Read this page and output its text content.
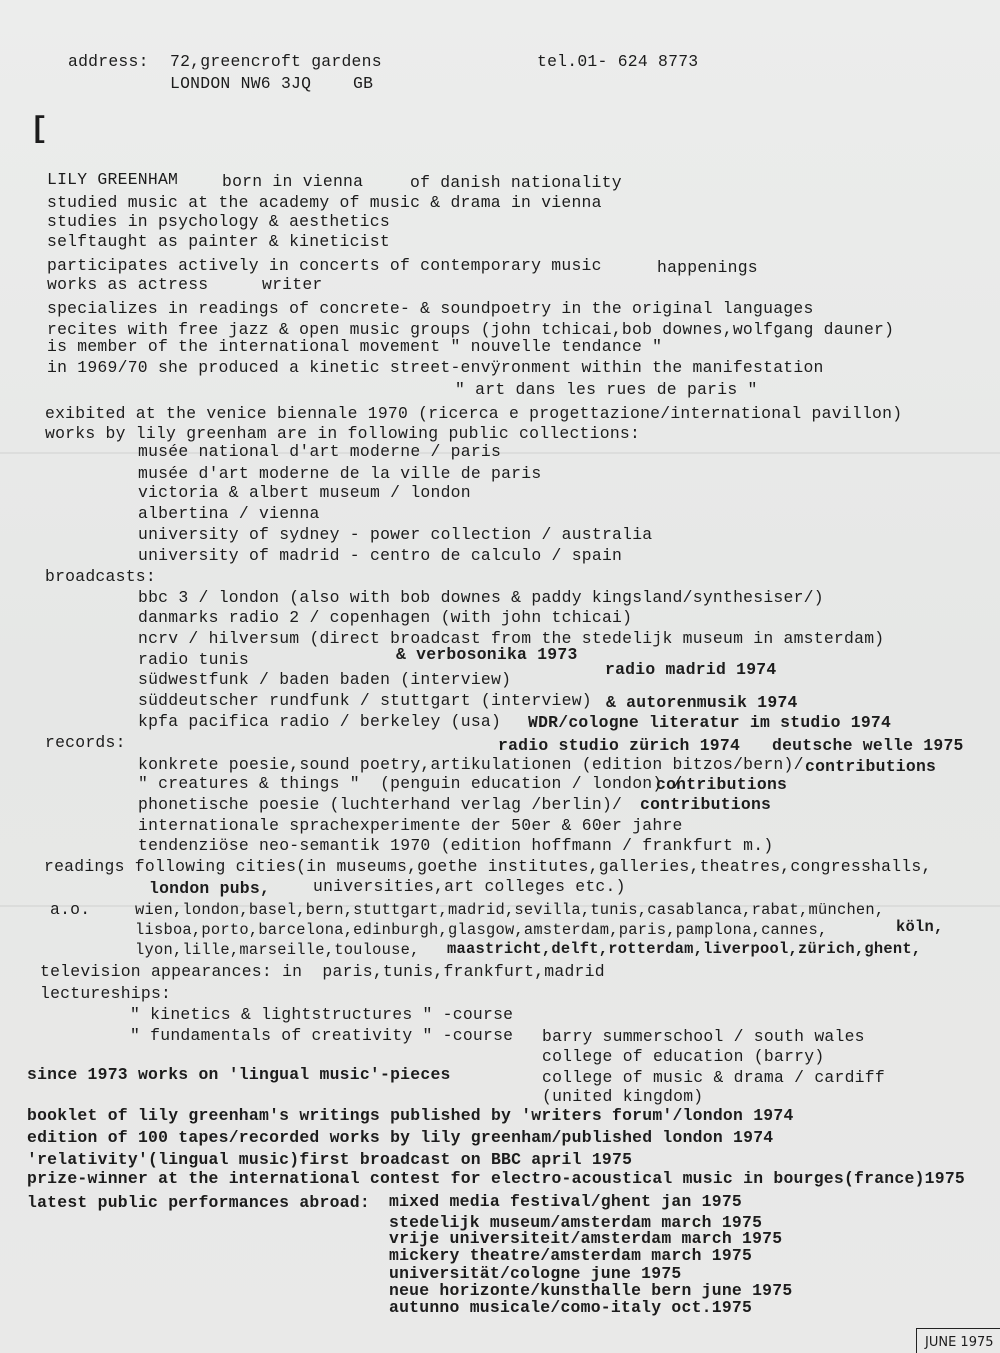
address: 72,greencroft gardens	tel.01- 624 8773
LONDON NW6 3JQ	GB
[
LILY GREENHAM	born in vienna	of danish nationality
studied music at the academy of music & drama in vienna
studies in psychology & aesthetics
selftaught as painter & kineticist
participates actively in concerts of contemporary music	happenings
works as actress	writer
specializes in readings of concrete- & soundpoetry in the original languages
recites with free jazz & open music groups (john tchicai,bob downes,wolfgang dauner)
is member of the international movement " nouvelle tendance "
in 1969/70 she produced a kinetic street-envÿronment within the manifestation
" art dans les rues de paris "
exibited at the venice biennale 1970 (ricerca e progettazione/international pavillon)
works by lily greenham are in following public collections:
musée national d'art moderne / paris
musée d'art moderne de la ville de paris
victoria & albert museum / london
albertina / vienna
university of sydney - power collection / australia
university of madrid - centro de calculo / spain
broadcasts:
bbc 3 / london (also with bob downes & paddy kingsland/synthesiser/)
danmarks radio 2 / copenhagen (with john tchicai)
ncrv / hilversum (direct broadcast from the stedelijk museum in amsterdam)
& verbosonika 1973
radio tunis
radio madrid 1974
südwestfunk / baden baden (interview)
süddeutscher rundfunk / stuttgart (interview) & autorenmusik 1974
kpfa pacifica radio / berkeley (usa) WDR/cologne literatur im studio 1974
records:	radio studio zürich 1974 deutsche welle 1975
konkrete poesie,sound poetry,artikulationen (edition bitzos/bern)/ contributions
" creatures & things "  (penguin education / london) /
contributions
phonetische poesie (luchterhand verlag /berlin)/ contributions
internationale sprachexperimente der 50er & 60er jahre
tendenziöse neo-semantik 1970 (edition hoffmann / frankfurt m.)
readings following cities(in museums,goethe institutes,galleries,theatres,congresshalls,
london pubs,	universities,art colleges etc.)
a.o.	wien,london,basel,bern,stuttgart,madrid,sevilla,tunis,casablanca,rabat,münchen,
lisboa,porto,barcelona,edinburgh,glasgow,amsterdam,paris,pamplona,cannes,	köln,
lyon,lille,marseille,toulouse, maastricht,delft,rotterdam,liverpool,zürich,ghent,
television appearances: in  paris,tunis,frankfurt,madrid
lectureships:
" kinetics & lightstructures " -course
" fundamentals of creativity " -course barry summerschool / south wales
college of education (barry)
since 1973 works on 'lingual music'-pieces	college of music & drama / cardiff
(united kingdom)
booklet of lily greenham's writings published by 'writers forum'/london 1974
edition of 100 tapes/recorded works by lily greenham/published london 1974
'relativity'(lingual music)first broadcast on BBC april 1975
prize-winner at the international contest for electro-acoustical music in bourges(france)1975
latest public performances abroad: mixed media festival/ghent jan 1975
stedelijk museum/amsterdam march 1975
vrije universiteit/amsterdam march 1975
mickery theatre/amsterdam march 1975
universität/cologne june 1975
neue horizonte/kunsthalle bern june 1975
autunno musicale/como-italy oct.1975
JUNE 1975
